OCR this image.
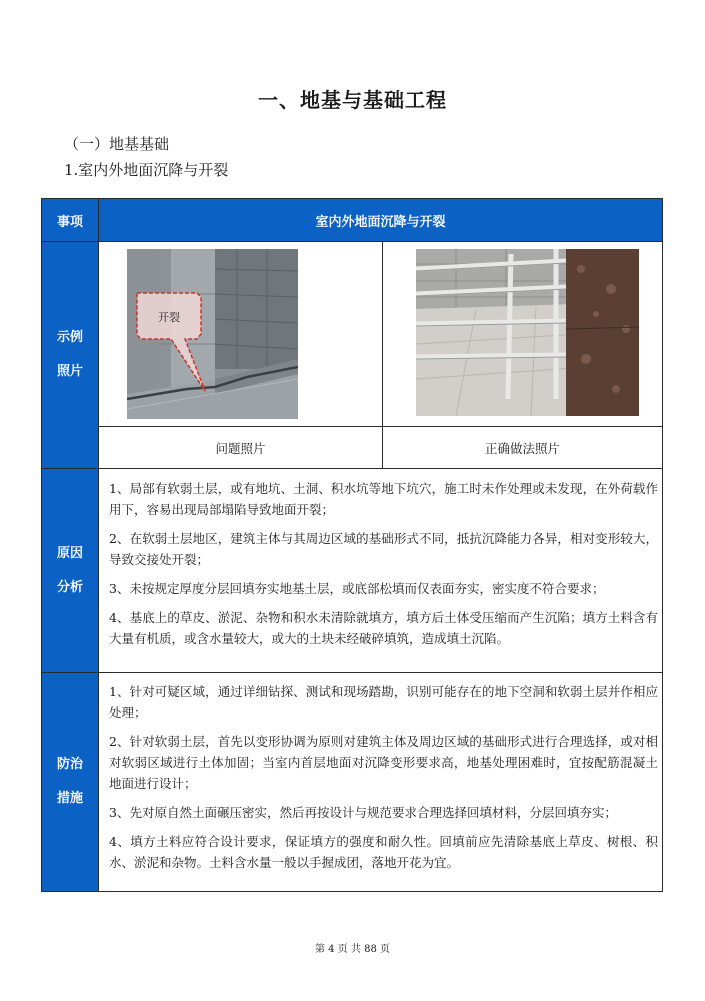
一、地基与基础工程
（一）地基基础
1.室内外地面沉降与开裂
事项	室内外地面沉降与开裂
示例
照片
开裂
问题照片	正确做法照片
原因
分析

1、局部有软弱土层，或有地坑、土洞、积水坑等地下坑穴，施工时未作处理或未发现，在外荷载作用下，容易出现局部塌陷导致地面开裂；

2、在软弱土层地区，建筑主体与其周边区域的基础形式不同，抵抗沉降能力各异，相对变形较大，导致交接处开裂；

3、未按规定厚度分层回填夯实地基土层，或底部松填而仅表面夯实，密实度不符合要求；

4、基底上的草皮、淤泥、杂物和积水未清除就填方，填方后土体受压缩而产生沉陷；填方土料含有大量有机质，或含水量较大，或大的土块未经破碎填筑，造成填土沉陷。

防治
措施

1、针对可疑区域，通过详细钻探、测试和现场踏勘，识别可能存在的地下空洞和软弱土层并作相应处理；

2、针对软弱土层，首先以变形协调为原则对建筑主体及周边区域的基础形式进行合理选择，或对相对软弱区域进行土体加固；当室内首层地面对沉降变形要求高，地基处理困难时，宜按配筋混凝土地面进行设计；

3、先对原自然土面碾压密实，然后再按设计与规范要求合理选择回填材料，分层回填夯实；

4、填方土料应符合设计要求，保证填方的强度和耐久性。回填前应先清除基底上草皮、树根、积水、淤泥和杂物。土料含水量一般以手握成团，落地开花为宜。

第 4 页 共 88 页
